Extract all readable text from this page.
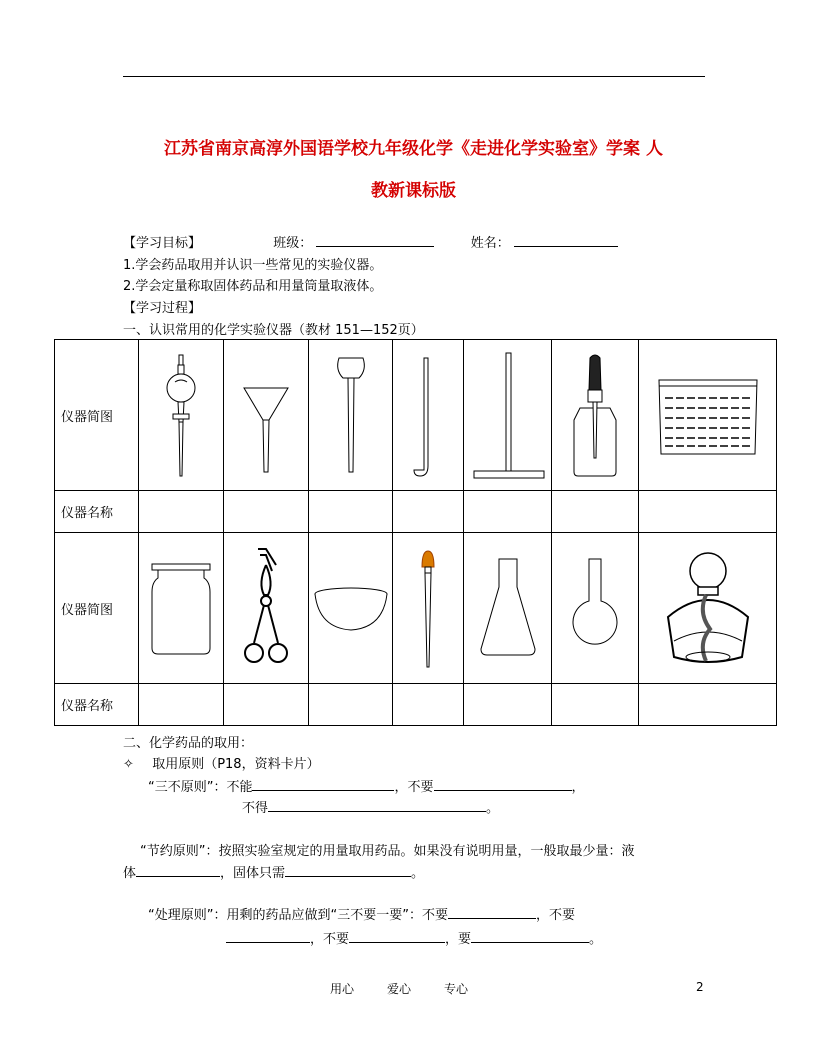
江苏省南京高淳外国语学校九年级化学《走进化学实验室》学案 人
教新课标版
【学习目标】	班级：	姓名：
1.学会药品取用并认识一些常见的实验仪器。
2.学会定量称取固体药品和用量筒量取液体。
【学习过程】
一、认识常用的化学实验仪器（教材 151—152页）
仪器简图	

仪器名称							
仪器简图	

仪器名称							
二、化学药品的取用：
✧ 取用原则（P18，资料卡片）
“三不原则”：不能	，不要	，
不得	。
“节约原则”：按照实验室规定的用量取用药品。如果没有说明用量，一般取最少量：液
体	，固体只需	。
“处理原则”：用剩的药品应做到“三不要一要”：不要	，不要
，不要	，要	。
用心	爱心	专心	2
